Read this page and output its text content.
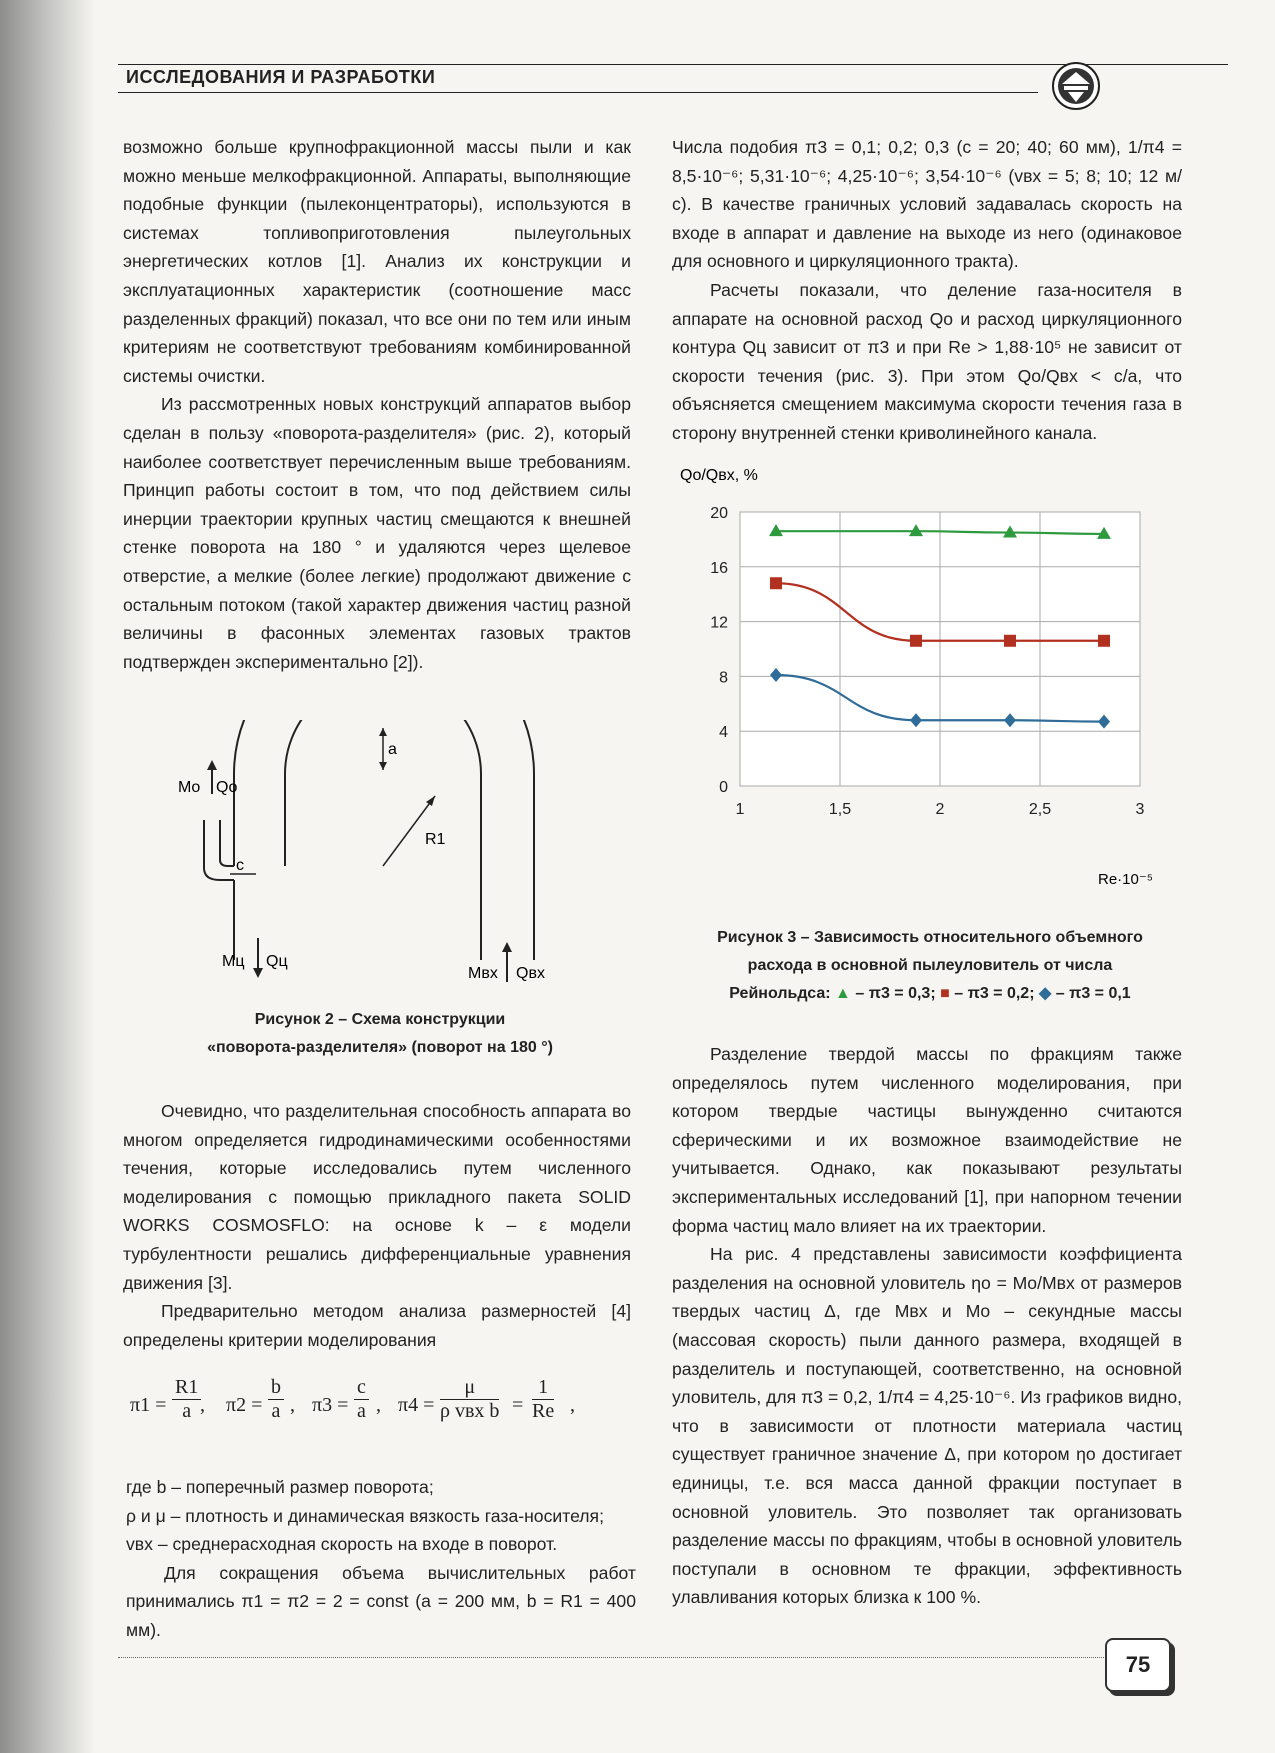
ИССЛЕДОВАНИЯ И РАЗРАБОТКИ

возможно больше крупнофракционной массы пыли и как можно меньше мелкофракционной. Аппараты, выполняющие подобные функции (пылеконцентраторы), используются в системах топливоприготовления пылеугольных энергетических котлов [1]. Анализ их конструкции и эксплуатационных характеристик (соотношение масс разделенных фракций) показал, что все они по тем или иным критериям не соответствуют требованиям комбинированной системы очистки.

Из рассмотренных новых конструкций аппаратов выбор сделан в пользу «поворота-разделителя» (рис. 2), который наиболее соответствует перечисленным выше требованиям. Принцип работы состоит в том, что под действием силы инерции траектории крупных частиц смещаются к внешней стенке поворота на 180 ° и удаляются через щелевое отверстие, а мелкие (более легкие) продолжают движение с остальным потоком (такой характер движения частиц разной величины в фасонных элементах газовых трактов подтвержден экспериментально [2]).

Mo Qo
c
a
R1
Mц Qц
Mвх Qвх
Рисунок 2 – Схема конструкции
«поворота-разделителя» (поворот на 180 °)

Очевидно, что разделительная способность аппарата во многом определяется гидродинамическими особенностями течения, которые исследовались путем численного моделирования с помощью прикладного пакета SOLID WORKS COSMOSFLO: на основе k – ε модели турбулентности решались дифференциальные уравнения движения [3].

Предварительно методом анализа размерностей [4] определены критерии моделирования

$\pi 1 = \frac{R1}{a}$
, $\pi 2 = \frac{b}{a}$ , $\pi 3 = \frac{c}{a}$ , π4 =
μ
ρ vвх $b = \frac{1}{Re}$ ,
где b – поперечный размер поворота;
ρ и μ – плотность и динамическая вязкость газа-носителя;
vвх – среднерасходная скорость на входе в поворот.
Для сокращения объема вычислительных работ принимались π1 = π2 = 2 = const (a = 200 мм, b = R1 = 400 мм).

Числа подобия π3 = 0,1; 0,2; 0,3 (c = 20; 40; 60 мм), 1/π4 = 8,5·10⁻⁶; 5,31·10⁻⁶; 4,25·10⁻⁶; 3,54·10⁻⁶ (vвх = 5; 8; 10; 12 м/с). В качестве граничных условий задавалась скорость на входе в аппарат и давление на выходе из него (одинаковое для основного и циркуляционного тракта).

Расчеты показали, что деление газа-носителя в аппарате на основной расход Qo и расход циркуляционного контура Qц зависит от π3 и при Re > 1,88·10⁵ не зависит от скорости течения (рис. 3). При этом Qo/Qвх < c/a, что объясняется смещением максимума скорости течения газа в сторону внутренней стенки криволинейного канала.

Qo/Qвх, %
Re·10⁻⁵
1	1,5	2	2,5	3
0
4
8
12
16
20
Рисунок 3 – Зависимость относительного объемного
расхода в основной пылеуловитель от числа
Рейнольдса: ▲ – π3 = 0,3; ■ – π3 = 0,2; ◆ – π3 = 0,1

Разделение твердой массы по фракциям также определялось путем численного моделирования, при котором твердые частицы вынужденно считаются сферическими и их возможное взаимодействие не учитывается. Однако, как показывают результаты экспериментальных исследований [1], при напорном течении форма частиц мало влияет на их траектории.

На рис. 4 представлены зависимости коэффициента разделения на основной уловитель ηo = Mo/Mвх от размеров твердых частиц Δ, где Mвх и Mo – секундные массы (массовая скорость) пыли данного размера, входящей в разделитель и поступающей, соответственно, на основной уловитель, для π3 = 0,2, 1/π4 = 4,25·10⁻⁶. Из графиков видно, что в зависимости от плотности материала частиц существует граничное значение Δ, при котором ηo достигает единицы, т.е. вся масса данной фракции поступает в основной уловитель. Это позволяет так организовать разделение массы по фракциям, чтобы в основной уловитель поступали в основном те фракции, эффективность улавливания которых близка к 100 %.

75
